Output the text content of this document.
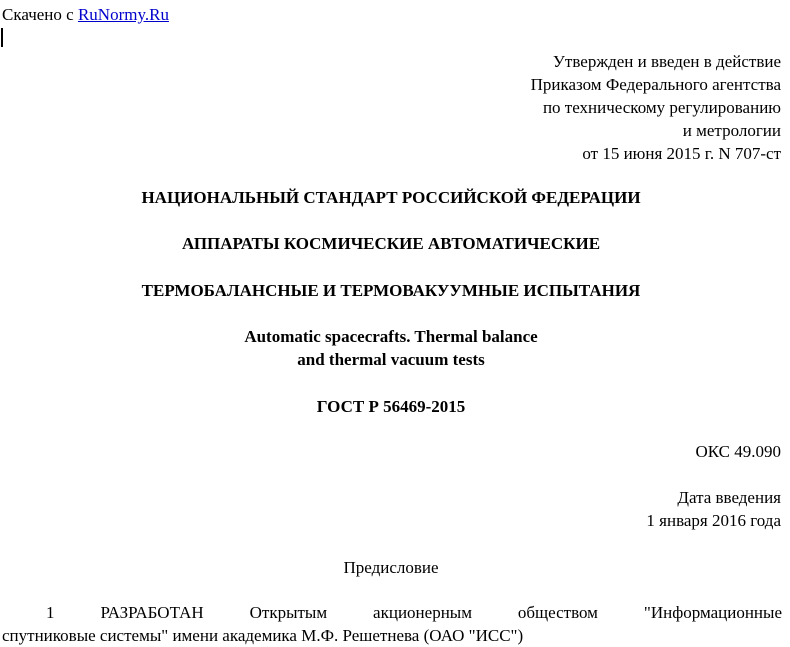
Скачено с RuNormy.Ru
Утвержден и введен в действие
Приказом Федерального агентства
по техническому регулированию
и метрологии
от 15 июня 2015 г. N 707-ст
НАЦИОНАЛЬНЫЙ СТАНДАРТ РОССИЙСКОЙ ФЕДЕРАЦИИ
АППАРАТЫ КОСМИЧЕСКИЕ АВТОМАТИЧЕСКИЕ
ТЕРМОБАЛАНСНЫЕ И ТЕРМОВАКУУМНЫЕ ИСПЫТАНИЯ
Automatic spacecrafts. Thermal balance
and thermal vacuum tests
ГОСТ Р 56469-2015
ОКС 49.090
Дата введения
1 января 2016 года
Предисловие
1	РАЗРАБОТАН	Открытым	акционерным	обществом	"Информационные
спутниковые системы" имени академика М.Ф. Решетнева (ОАО "ИСС")
